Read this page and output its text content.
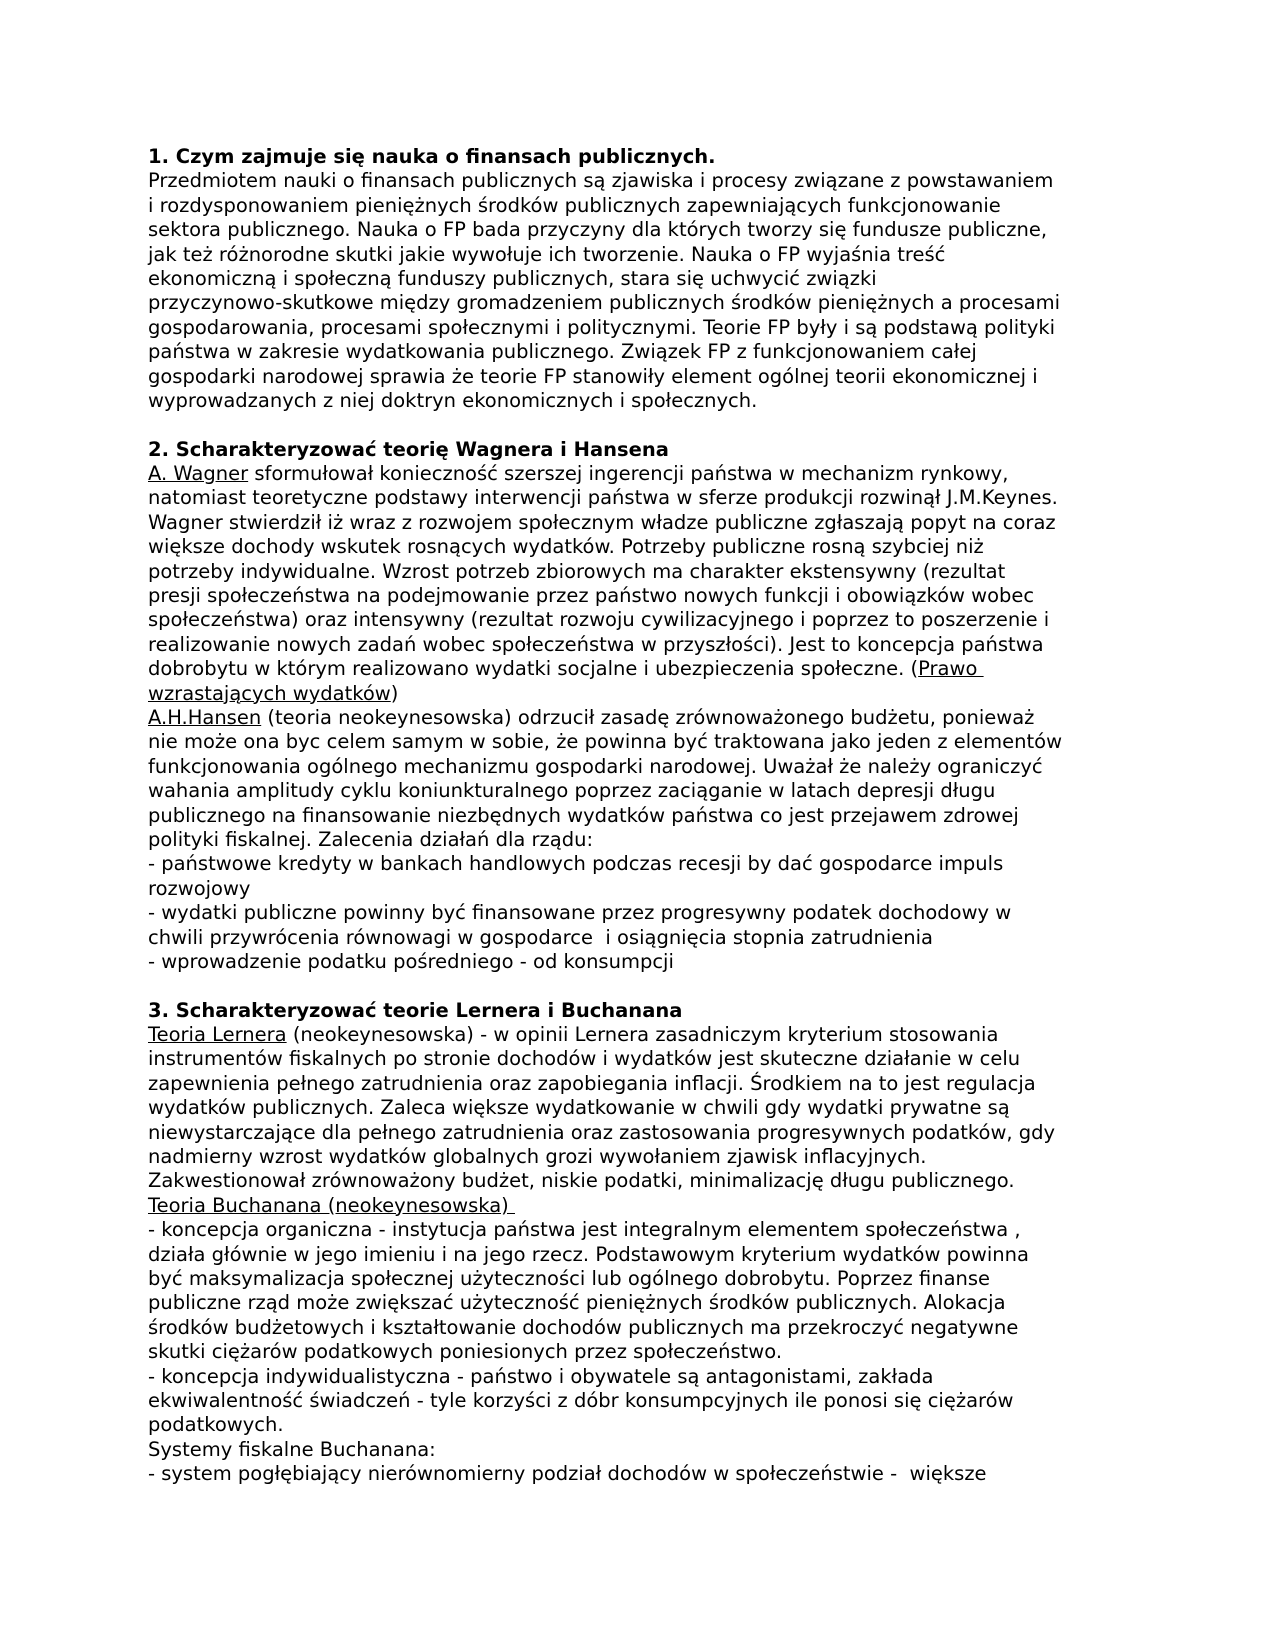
1. Czym zajmuje się nauka o finansach publicznych.
Przedmiotem nauki o finansach publicznych są zjawiska i procesy związane z powstawaniem
i rozdysponowaniem pieniężnych środków publicznych zapewniających funkcjonowanie
sektora publicznego. Nauka o FP bada przyczyny dla których tworzy się fundusze publiczne,
jak też różnorodne skutki jakie wywołuje ich tworzenie. Nauka o FP wyjaśnia treść
ekonomiczną i społeczną funduszy publicznych, stara się uchwycić związki
przyczynowo-skutkowe między gromadzeniem publicznych środków pieniężnych a procesami
gospodarowania, procesami społecznymi i politycznymi. Teorie FP były i są podstawą polityki
państwa w zakresie wydatkowania publicznego. Związek FP z funkcjonowaniem całej
gospodarki narodowej sprawia że teorie FP stanowiły element ogólnej teorii ekonomicznej i
wyprowadzanych z niej doktryn ekonomicznych i społecznych.
2. Scharakteryzować teorię Wagnera i Hansena
A. Wagner sformułował konieczność szerszej ingerencji państwa w mechanizm rynkowy,
natomiast teoretyczne podstawy interwencji państwa w sferze produkcji rozwinął J.M.Keynes.
Wagner stwierdził iż wraz z rozwojem społecznym władze publiczne zgłaszają popyt na coraz
większe dochody wskutek rosnących wydatków. Potrzeby publiczne rosną szybciej niż
potrzeby indywidualne. Wzrost potrzeb zbiorowych ma charakter ekstensywny (rezultat
presji społeczeństwa na podejmowanie przez państwo nowych funkcji i obowiązków wobec
społeczeństwa) oraz intensywny (rezultat rozwoju cywilizacyjnego i poprzez to poszerzenie i
realizowanie nowych zadań wobec społeczeństwa w przyszłości). Jest to koncepcja państwa
dobrobytu w którym realizowano wydatki socjalne i ubezpieczenia społeczne. (Prawo
wzrastających wydatków)
A.H.Hansen (teoria neokeynesowska) odrzucił zasadę zrównoważonego budżetu, ponieważ
nie może ona byc celem samym w sobie, że powinna być traktowana jako jeden z elementów
funkcjonowania ogólnego mechanizmu gospodarki narodowej. Uważał że należy ograniczyć
wahania amplitudy cyklu koniunkturalnego poprzez zaciąganie w latach depresji długu
publicznego na finansowanie niezbędnych wydatków państwa co jest przejawem zdrowej
polityki fiskalnej. Zalecenia działań dla rządu:
- państwowe kredyty w bankach handlowych podczas recesji by dać gospodarce impuls
rozwojowy
- wydatki publiczne powinny być finansowane przez progresywny podatek dochodowy w
chwili przywrócenia równowagi w gospodarce  i osiągnięcia stopnia zatrudnienia
- wprowadzenie podatku pośredniego - od konsumpcji
3. Scharakteryzować teorie Lernera i Buchanana
Teoria Lernera (neokeynesowska) - w opinii Lernera zasadniczym kryterium stosowania
instrumentów fiskalnych po stronie dochodów i wydatków jest skuteczne działanie w celu
zapewnienia pełnego zatrudnienia oraz zapobiegania inflacji. Środkiem na to jest regulacja
wydatków publicznych. Zaleca większe wydatkowanie w chwili gdy wydatki prywatne są
niewystarczające dla pełnego zatrudnienia oraz zastosowania progresywnych podatków, gdy
nadmierny wzrost wydatków globalnych grozi wywołaniem zjawisk inflacyjnych.
Zakwestionował zrównoważony budżet, niskie podatki, minimalizację długu publicznego.
Teoria Buchanana (neokeynesowska)
- koncepcja organiczna - instytucja państwa jest integralnym elementem społeczeństwa ,
działa głównie w jego imieniu i na jego rzecz. Podstawowym kryterium wydatków powinna
być maksymalizacja społecznej użyteczności lub ogólnego dobrobytu. Poprzez finanse
publiczne rząd może zwiększać użyteczność pieniężnych środków publicznych. Alokacja
środków budżetowych i kształtowanie dochodów publicznych ma przekroczyć negatywne
skutki ciężarów podatkowych poniesionych przez społeczeństwo.
- koncepcja indywidualistyczna - państwo i obywatele są antagonistami, zakłada
ekwiwalentność świadczeń - tyle korzyści z dóbr konsumpcyjnych ile ponosi się ciężarów
podatkowych.
Systemy fiskalne Buchanana:
- system pogłębiający nierównomierny podział dochodów w społeczeństwie -  większe
